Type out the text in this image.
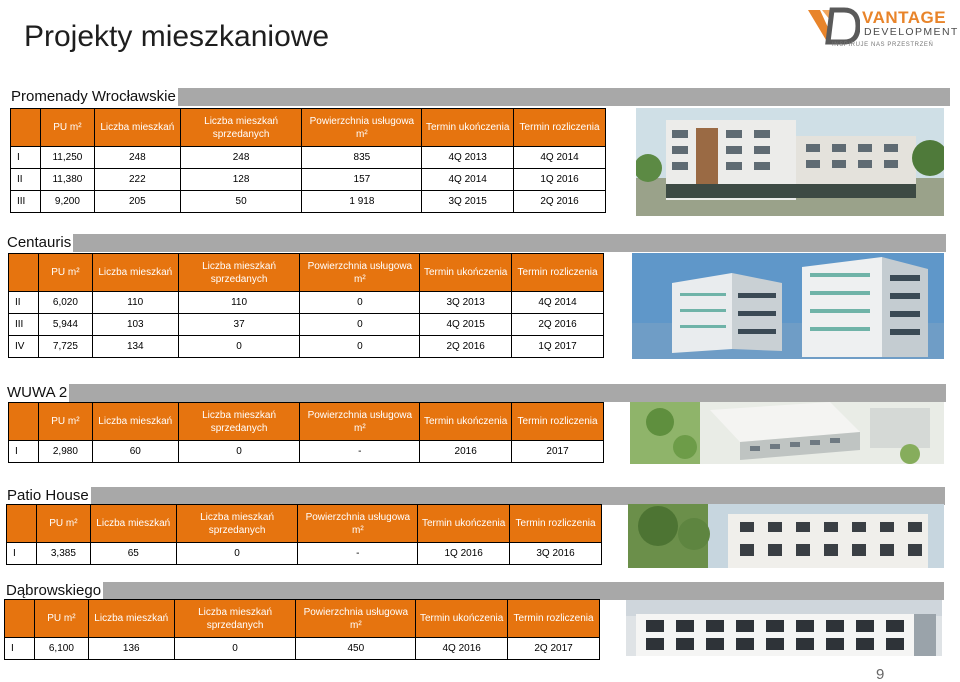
Projekty mieszkaniowe
VANTAGE
DEVELOPMENT
INSPIRUJE NAS PRZESTRZEŃ
Promenady Wrocławskie
	PU m²	Liczba mieszkań	Liczba mieszkań sprzedanych	Powierzchnia usługowa m²	Termin ukończenia	Termin rozliczenia
I	11,250	248	248	835	4Q 2013	4Q 2014
II	11,380	222	128	157	4Q 2014	1Q 2016
III	9,200	205	50	1 918	3Q 2015	2Q 2016
Centauris
	PU m²	Liczba mieszkań	Liczba mieszkań sprzedanych	Powierzchnia usługowa m²	Termin ukończenia	Termin rozliczenia
II	6,020	110	110	0	3Q 2013	4Q 2014
III	5,944	103	37	0	4Q 2015	2Q 2016
IV	7,725	134	0	0	2Q 2016	1Q 2017
WUWA 2
	PU m²	Liczba mieszkań	Liczba mieszkań sprzedanych	Powierzchnia usługowa m²	Termin ukończenia	Termin rozliczenia
I	2,980	60	0	-	2016	2017
Patio House
	PU m²	Liczba mieszkań	Liczba mieszkań sprzedanych	Powierzchnia usługowa m²	Termin ukończenia	Termin rozliczenia
I	3,385	65	0	-	1Q 2016	3Q 2016
Dąbrowskiego
	PU m²	Liczba mieszkań	Liczba mieszkań sprzedanych	Powierzchnia usługowa m²	Termin ukończenia	Termin rozliczenia
I	6,100	136	0	450	4Q 2016	2Q 2017
9
